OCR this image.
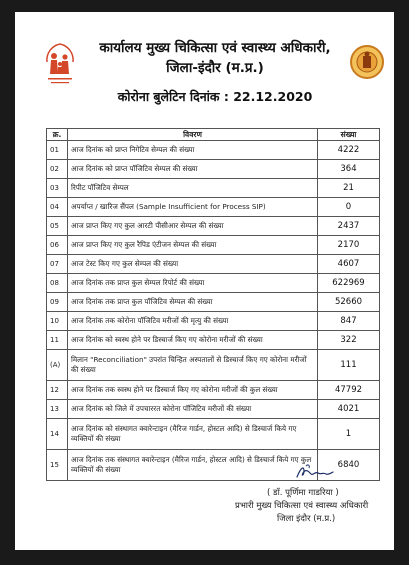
कार्यालय मुख्य चिकित्सा एवं स्वास्थ्य अधिकारी,
जिला-इंदौर (म.प्र.)
कोरोना बुलेटिन दिनांक : 22.12.2020
क्र.	विवरण	संख्या
01	आज दिनांक को प्राप्त निगेटिव सेम्पल की संख्या	4222
02	आज दिनांक को प्राप्त पॉजिटिव सेम्पल की संख्या	364
03	रिपीट पॉजिटिव सेम्पल	21
04	अपर्याप्त / खारिज सैंपल (Sample Insufficient for Process SIP)	0
05	आज प्राप्त किए गए कुल आरटी पीसीआर सेम्पल की संख्या	2437
06	आज प्राप्त किए गए कुल रैपिड एंटीजन सेम्पल की संख्या	2170
07	आज टेस्ट किए गए कुल सेम्पल की संख्या	4607
08	आज दिनांक तक प्राप्त कुल सेम्पल रिपोर्ट की संख्या	622969
09	आज दिनांक तक प्राप्त कुल पॉजिटिव सेम्पल की संख्या	52660
10	आज दिनांक तक कोरोना पॉजिटिव मरीजों की मृत्यु की संख्या	847
11	आज दिनांक को स्वस्थ होने पर डिस्चार्ज किए गए कोरोना मरीजों की संख्या	322
(A)	मिलान "Reconciliation" उपरांत चिन्हित अस्पतालों से डिस्चार्ज किए गए कोरोना मरीजों की संख्या	111
12	आज दिनांक तक स्वस्थ होने पर डिस्चार्ज किए गए कोरोना मरीजों की कुल संख्या	47792
13	आज दिनांक को जिले में उपचाररत कोरोना पॉजिटिव मरीजों की संख्या	4021
14	आज दिनांक को संस्थागत क्वारेन्टाइन (मैरिज गार्डन, होस्टल आदि) से डिस्चार्ज किये गए व्यक्तियों की संख्या	1
15	आज दिनांक तक संस्थागत क्वारेन्टाइन (मैरिज गार्डन, होस्टल आदि) से डिस्चार्ज किये गए कुल व्यक्तियों की संख्या	6840
( डॉ. पूर्णिमा गाडरिया )
प्रभारी मुख्य चिकित्सा एवं स्वास्थ्य अधिकारी
जिला इंदौर (म.प्र.)
